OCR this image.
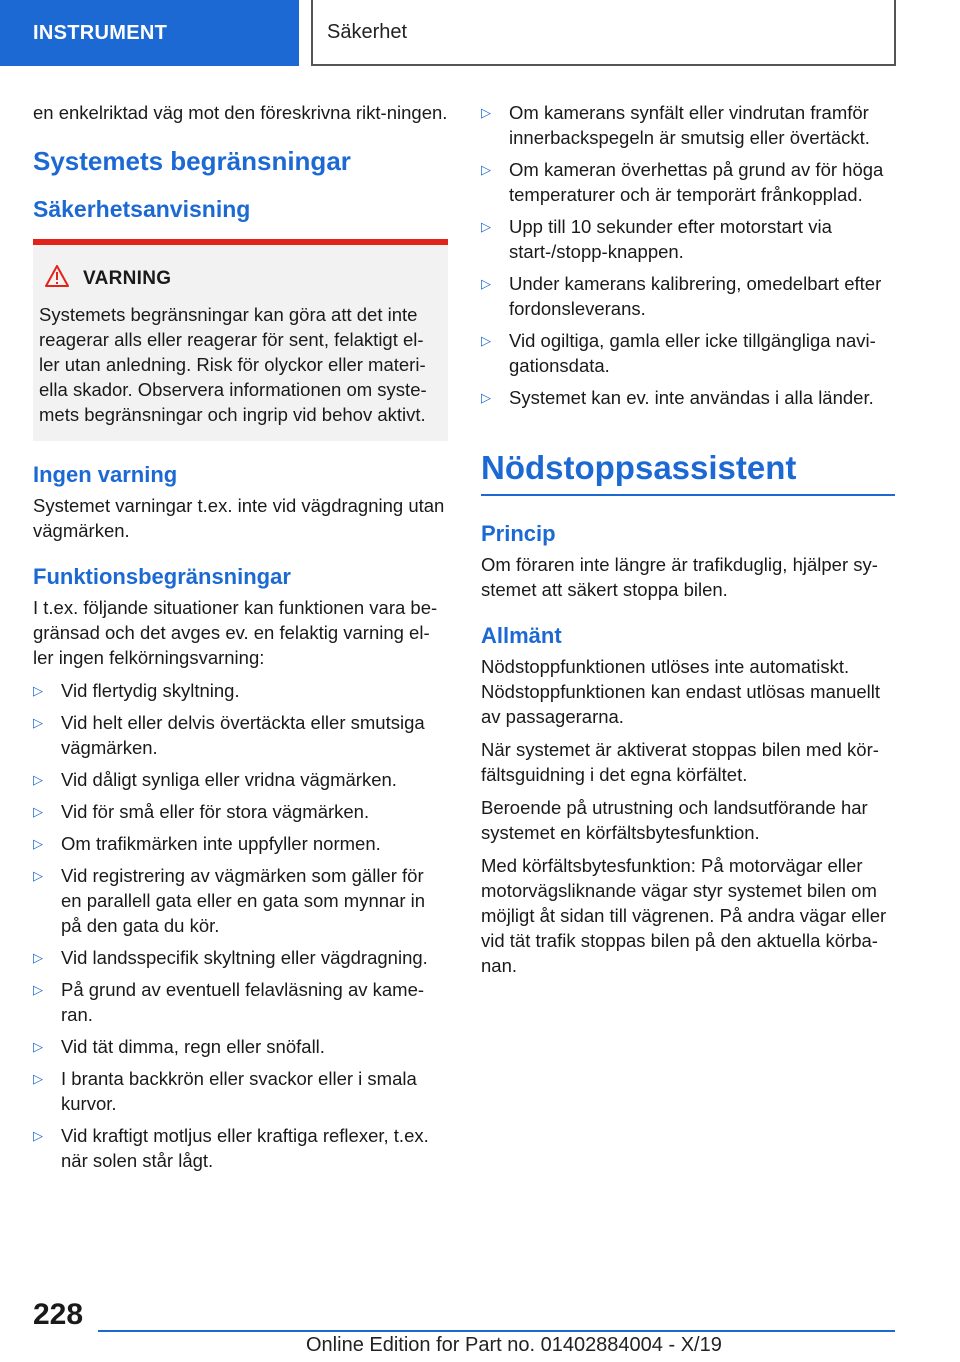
INSTRUMENT	Säkerhet

en enkelriktad väg mot den föreskrivna rikt-ningen.

Systemets begränsningar
Säkerhetsanvisning
VARNING

Systemets begränsningar kan göra att det inte reagerar alls eller reagerar för sent, felaktigt el-ler utan anledning. Risk för olyckor eller materi-ella skador. Observera informationen om syste-mets begränsningar och ingrip vid behov aktivt.

Ingen varning

Systemet varningar t.ex. inte vid vägdragning utan vägmärken.

Funktionsbegränsningar

I t.ex. följande situationer kan funktionen vara be-gränsad och det avges ev. en felaktig varning el-ler ingen felkörningsvarning:

▷ Vid flertydig skyltning.
▷ Vid helt eller delvis övertäckta eller smutsiga vägmärken.
▷ Vid dåligt synliga eller vridna vägmärken.
▷ Vid för små eller för stora vägmärken.
▷ Om trafikmärken inte uppfyller normen.
▷ Vid registrering av vägmärken som gäller för en parallell gata eller en gata som mynnar in på den gata du kör.
▷ Vid landsspecifik skyltning eller vägdragning.
▷ På grund av eventuell felavläsning av kame-ran.
▷ Vid tät dimma, regn eller snöfall.
▷ I branta backkrön eller svackor eller i smala kurvor.
▷ Vid kraftigt motljus eller kraftiga reflexer, t.ex. när solen står lågt.
▷ Om kamerans synfält eller vindrutan framför innerbackspegeln är smutsig eller övertäckt.
▷ Om kameran överhettas på grund av för höga temperaturer och är temporärt frånkopplad.
▷ Upp till 10 sekunder efter motorstart via start-/stopp-knappen.
▷ Under kamerans kalibrering, omedelbart efter fordonsleverans.
▷ Vid ogiltiga, gamla eller icke tillgängliga navi-gationsdata.
▷ Systemet kan ev. inte användas i alla länder.
Nödstoppsassistent
Princip

Om föraren inte längre är trafikduglig, hjälper sy-stemet att säkert stoppa bilen.

Allmänt

Nödstoppfunktionen utlöses inte automatiskt. Nödstoppfunktionen kan endast utlösas manuellt av passagerarna.

När systemet är aktiverat stoppas bilen med kör-fältsguidning i det egna körfältet.

Beroende på utrustning och landsutförande har systemet en körfältsbytesfunktion.

Med körfältsbytesfunktion: På motorvägar eller motorvägsliknande vägar styr systemet bilen om möjligt åt sidan till vägrenen. På andra vägar eller vid tät trafik stoppas bilen på den aktuella körba-nan.

228
Online Edition for Part no. 01402884004 - X/19
